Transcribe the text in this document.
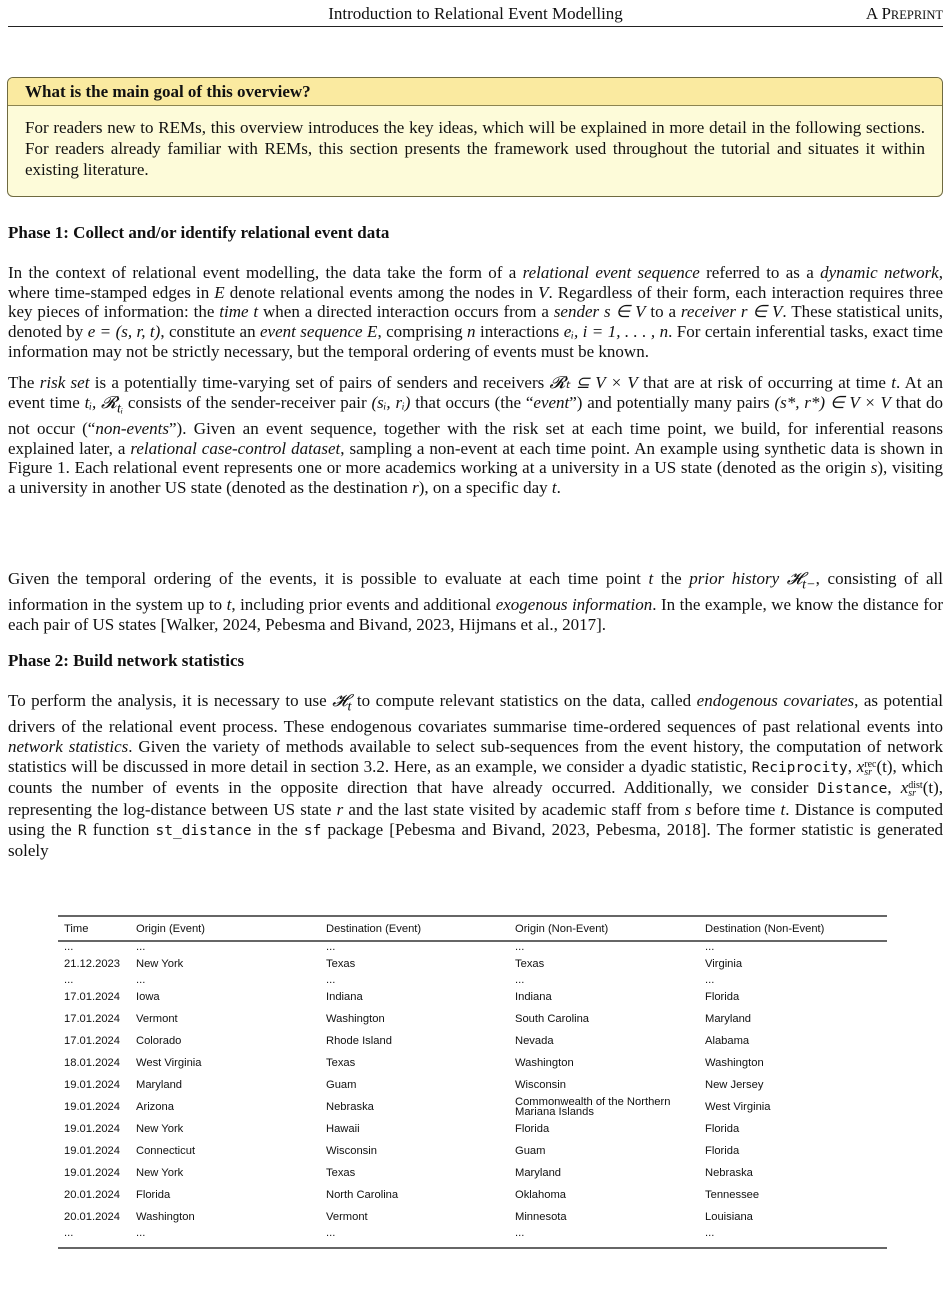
Introduction to Relational Event Modelling	A PREPRINT
What is the main goal of this overview?
For readers new to REMs, this overview introduces the key ideas, which will be explained in more detail in the following sections. For readers already familiar with REMs, this section presents the framework used throughout the tutorial and situates it within existing literature.
Phase 1: Collect and/or identify relational event data
In the context of relational event modelling, the data take the form of a relational event sequence referred to as a dynamic network, where time-stamped edges in E denote relational events among the nodes in V. Regardless of their form, each interaction requires three key pieces of information: the time t when a directed interaction occurs from a sender s ∈ V to a receiver r ∈ V. These statistical units, denoted by e = (s, r, t), constitute an event sequence E, comprising n interactions eᵢ, i = 1, . . . , n. For certain inferential tasks, exact time information may not be strictly necessary, but the temporal ordering of events must be known.
The risk set is a potentially time-varying set of pairs of senders and receivers 𝓡ₜ ⊆ V × V that are at risk of occurring at time t. At an event time tᵢ, 𝓡$_{tᵢ}$ consists of the sender-receiver pair (sᵢ, rᵢ) that occurs (the “event”) and potentially many pairs (s*, r*) ∈ V × V that do not occur (“non-events”). Given an event sequence, together with the risk set at each time point, we build, for inferential reasons explained later, a relational case-control dataset, sampling a non-event at each time point. An example using synthetic data is shown in Figure 1. Each relational event represents one or more academics working at a university in a US state (denoted as the origin s), visiting a university in another US state (denoted as the destination r), on a specific day t.
Given the temporal ordering of the events, it is possible to evaluate at each time point t the prior history 𝓗$_{t-}$, consisting of all information in the system up to t, including prior events and additional exogenous information. In the example, we know the distance for each pair of US states [Walker, 2024, Pebesma and Bivand, 2023, Hijmans et al., 2017].
Phase 2: Build network statistics
To perform the analysis, it is necessary to use 𝓗$_t$ to compute relevant statistics on the data, called endogenous covariates, as potential drivers of the relational event process. These endogenous covariates summarise time-ordered sequences of past relational events into network statistics. Given the variety of methods available to select sub-sequences from the event history, the computation of network statistics will be discussed in more detail in section 3.2. Here, as an example, we consider a dyadic statistic, Reciprocity, x rec
sr (t), which counts the number of events in the opposite direction that have already occurred. Additionally, we consider Distance, x dist
sr (t), representing the log-distance between US state r and the last state visited by academic staff from s before time t. Distance is computed using the R function st_distance in the sf package [Pebesma and Bivand, 2023, Pebesma, 2018]. The former statistic is generated solely
Time	Origin (Event)	Destination (Event)	Origin (Non-Event)	Destination (Non-Event)
...	...	...	...	...
21.12.2023	New York	Texas	Texas	Virginia
...	...	...	...	...
17.01.2024	Iowa	Indiana	Indiana	Florida
17.01.2024	Vermont	Washington	South Carolina	Maryland
17.01.2024	Colorado	Rhode Island	Nevada	Alabama
18.01.2024	West Virginia	Texas	Washington	Washington
19.01.2024	Maryland	Guam	Wisconsin	New Jersey
19.01.2024	Arizona	Nebraska	Commonwealth of the Northern Mariana Islands	West Virginia
19.01.2024	New York	Hawaii	Florida	Florida
19.01.2024	Connecticut	Wisconsin	Guam	Florida
19.01.2024	New York	Texas	Maryland	Nebraska
20.01.2024	Florida	North Carolina	Oklahoma	Tennessee
20.01.2024	Washington	Vermont	Minnesota	Louisiana
...	...	...	...	...
